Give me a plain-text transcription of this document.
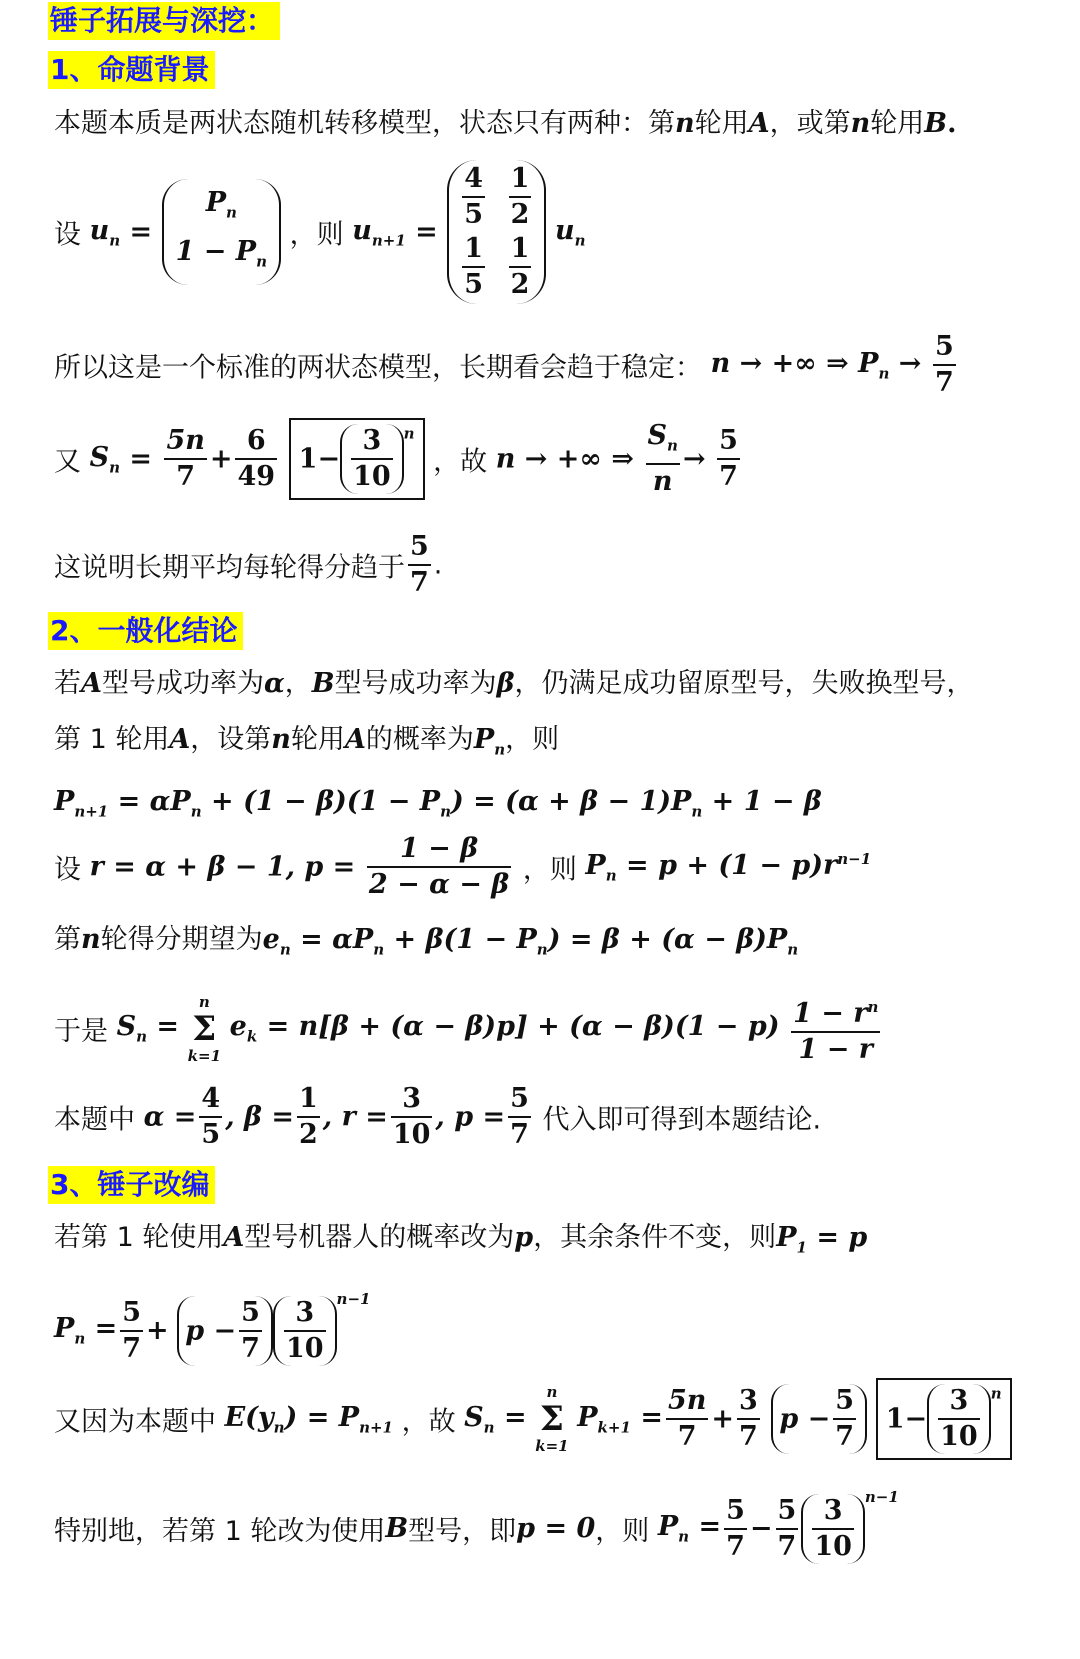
锤子拓展与深挖：
1、命题背景
本题本质是两状态随机转移模型，状态只有两种：第n轮用A，或第n轮用B.
设 $u_n$ =
$P_n$
$1 - P_n$
，则 $u_{n+1} = \frac{4}{5}$
$\frac{1}{2}$
$\frac{1}{5}$
$\frac{1}{2}$
$u_n$
所以这是一个标准的两状态模型，长期看会趋于稳定： n → +∞ ⇒ $P_n \to \frac{5}{7}$
又 $S_n = \frac{5n}{7} + \frac{6}{49} 1- \frac{3}{10} ^n$ ，故 n → +∞ ⇒ $\frac{S_n}{n} \to \frac{5}{7}$
这说明长期平均每轮得分趋于 $\frac{5}{7}$ .
2、一般化结论
若A型号成功率为α，B型号成功率为β，仍满足成功留原型号，失败换型号，
第 1 轮用A，设第n轮用A的概率为$P_n$，则
$P_{n+1} = \alpha P_n + (1 - \beta)(1 - P_n) = (\alpha + \beta - 1)P_n + 1 - \beta$
设 r = α + β − 1, $p = \frac{1 - \beta}{2 - \alpha - \beta}$ ，则 $P_n = p + (1 - p)r^{n-1}$
第n轮得分期望为$e_n = \alpha P_n + \beta(1 - P_n) = \beta + (\alpha - \beta)P_n$
于是 $S_n$ =
n
Σ
k=1
$e_k = n[\beta + (\alpha - \beta)p] + (\alpha - \beta)(1 - p) \frac{1 - r^n}{1 - r}$
本题中 $\alpha = \frac{4}{5}$ , $\beta = \frac{1}{2}$ , $r = \frac{3}{10}$ , $p = \frac{5}{7}$ 代入即可得到本题结论.
3、锤子改编
若第 1 轮使用A型号机器人的概率改为p，其余条件不变，则$P_1 = p$
$P_n = \frac{5}{7} + p - \frac{5}{7} \frac{3}{10} ^{n-1}$
又因为本题中 $E(y_n) = P_{n+1}$ ，故 $S_n$ =
n
Σ
k=1
$P_{k+1} = \frac{5n}{7} + \frac{3}{7}$ $p - \frac{5}{7} 1- \frac{3}{10} ^n$
特别地，若第 1 轮改为使用B型号，即p = 0，则 $P_n = \frac{5}{7} - \frac{5}{7} \frac{3}{10} ^{n-1}$
